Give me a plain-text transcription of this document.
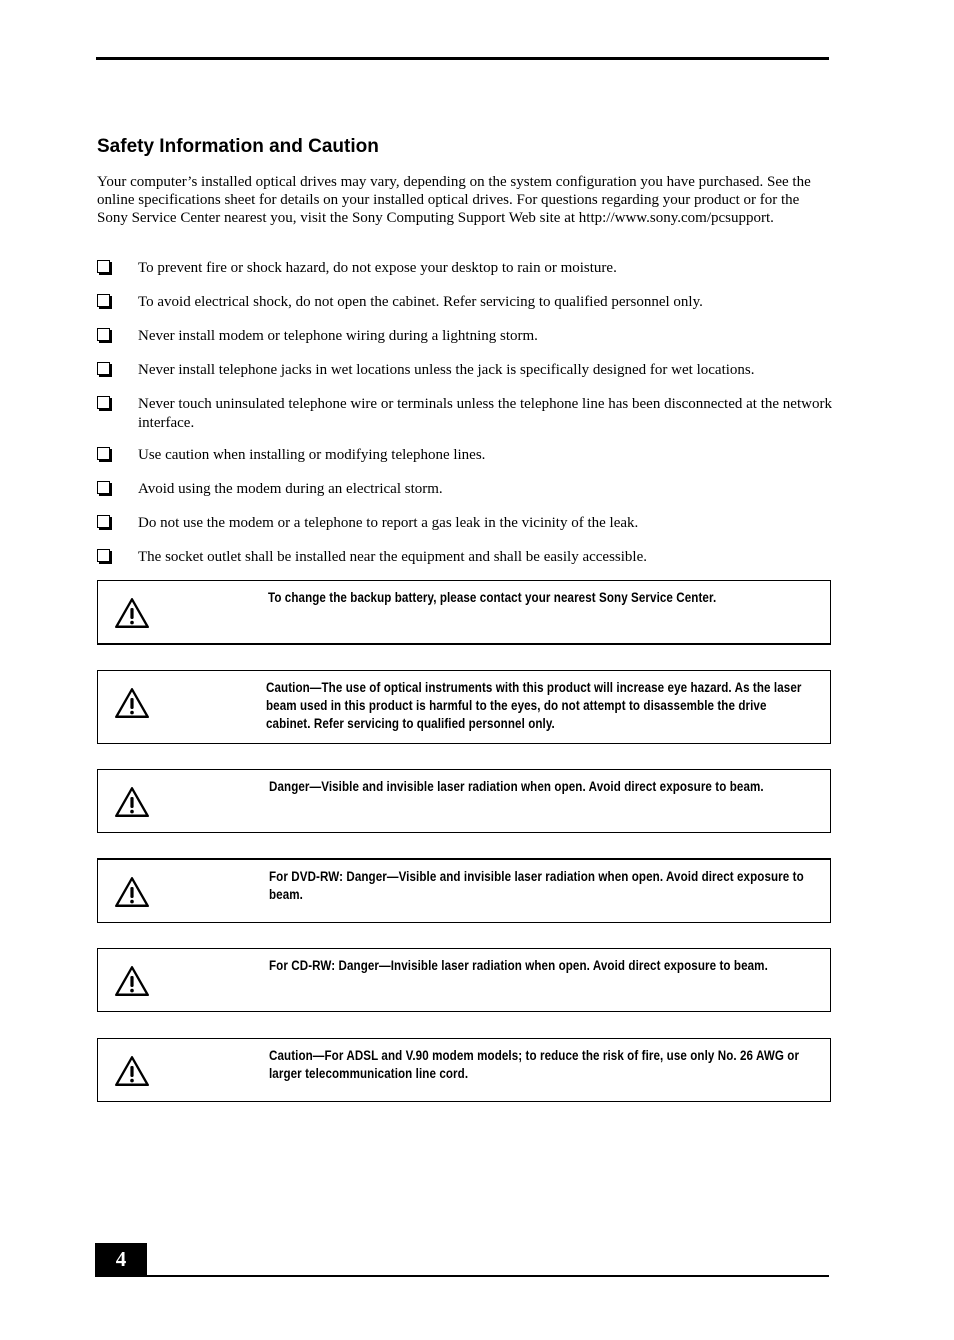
Safety Information and Caution

Your computer’s installed optical drives may vary, depending on the system configuration you have purchased. See the online specifications sheet for details on your installed optical drives. For questions regarding your product or for the Sony Service Center nearest you, visit the Sony Computing Support Web site at http://www.sony.com/pcsupport.

To prevent fire or shock hazard, do not expose your desktop to rain or moisture.
To avoid electrical shock, do not open the cabinet. Refer servicing to qualified personnel only.
Never install modem or telephone wiring during a lightning storm.
Never install telephone jacks in wet locations unless the jack is specifically designed for wet locations.
Never touch uninsulated telephone wire or terminals unless the telephone line has been disconnected at the network interface.
Use caution when installing or modifying telephone lines.
Avoid using the modem during an electrical storm.
Do not use the modem or a telephone to report a gas leak in the vicinity of the leak.
The socket outlet shall be installed near the equipment and shall be easily accessible.
To change the backup battery, please contact your nearest Sony Service Center.
Caution—The use of optical instruments with this product will increase eye hazard. As the laser beam used in this product is harmful to the eyes, do not attempt to disassemble the drive cabinet. Refer servicing to qualified personnel only.
Danger—Visible and invisible laser radiation when open. Avoid direct exposure to beam.
For DVD-RW: Danger—Visible and invisible laser radiation when open. Avoid direct exposure to beam.
For CD-RW: Danger—Invisible laser radiation when open. Avoid direct exposure to beam.
Caution—For ADSL and V.90 modem models; to reduce the risk of fire, use only No. 26 AWG or larger telecommunication line cord.
4
